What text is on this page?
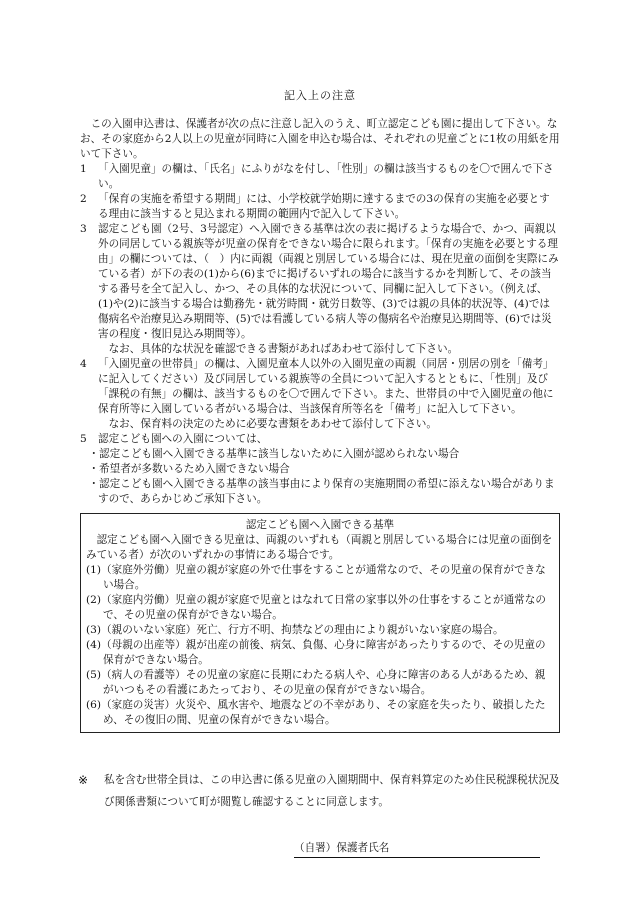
記入上の注意

この入園申込書は、保護者が次の点に注意し記入のうえ、町立認定こども園に提出して下さい。なお、その家庭から2人以上の児童が同時に入園を申込む場合は、それぞれの児童ごとに1枚の用紙を用いて下さい。

1	「入園児童」の欄は、「氏名」にふりがなを付し、「性別」の欄は該当するものを〇で囲んで下さい。
2	「保育の実施を希望する期間」には、小学校就学始期に達するまでの3の保育の実施を必要とする理由に該当すると見込まれる期間の範囲内で記入して下さい。
3	認定こども園（2号、3号認定）へ入園できる基準は次の表に掲げるような場合で、かつ、両親以外の同居している親族等が児童の保育をできない場合に限られます。「保育の実施を必要とする理由」の欄については、（　）内に両親（両親と別居している場合には、現在児童の面倒を実際にみている者）が下の表の(1)から(6)までに掲げるいずれの場合に該当するかを判断して、その該当する番号を全て記入し、かつ、その具体的な状況について、同欄に記入して下さい。（例えば、(1)や(2)に該当する場合は勤務先・就労時間・就労日数等、(3)では親の具体的状況等、(4)では傷病名や治療見込み期間等、(5)では看護している病人等の傷病名や治療見込期間等、(6)では災害の程度・復旧見込み期間等）。

なお、具体的な状況を確認できる書類があればあわせて添付して下さい。

4	「入園児童の世帯員」の欄は、入園児童本人以外の入園児童の両親（同居・別居の別を「備考」に記入してください）及び同居している親族等の全員について記入するとともに、「性別」及び「課税の有無」の欄は、該当するものを〇で囲んで下さい。また、世帯員の中で入園児童の他に保育所等に入園している者がいる場合は、当該保育所等名を「備考」に記入して下さい。

なお、保育料の決定のために必要な書類をあわせて添付して下さい。

5	認定こども園への入園については、

・認定こども園へ入園できる基準に該当しないために入園が認められない場合

・希望者が多数いるため入園できない場合

・認定こども園へ入園できる基準の該当事由により保育の実施期間の希望に添えない場合がありますので、あらかじめご承知下さい。

認定こども園へ入園できる基準

認定こども園へ入園できる児童は、両親のいずれも（両親と別居している場合には児童の面倒をみている者）が次のいずれかの事情にある場合です。

(1)（家庭外労働）児童の親が家庭の外で仕事をすることが通常なので、その児童の保育ができない場合。

(2)（家庭内労働）児童の親が家庭で児童とはなれて日常の家事以外の仕事をすることが通常なので、その児童の保育ができない場合。

(3)（親のいない家庭）死亡、行方不明、拘禁などの理由により親がいない家庭の場合。

(4)（母親の出産等）親が出産の前後、病気、負傷、心身に障害があったりするので、その児童の保育ができない場合。

(5)（病人の看護等）その児童の家庭に長期にわたる病人や、心身に障害のある人があるため、親がいつもその看護にあたっており、その児童の保育ができない場合。

(6)（家庭の災害）火災や、風水害や、地震などの不幸があり、その家庭を失ったり、破損したため、その復旧の間、児童の保育ができない場合。

※	私を含む世帯全員は、この申込書に係る児童の入園期間中、保育料算定のため住民税課税状況及び関係書類について町が閲覧し確認することに同意します。
（自署）保護者氏名
